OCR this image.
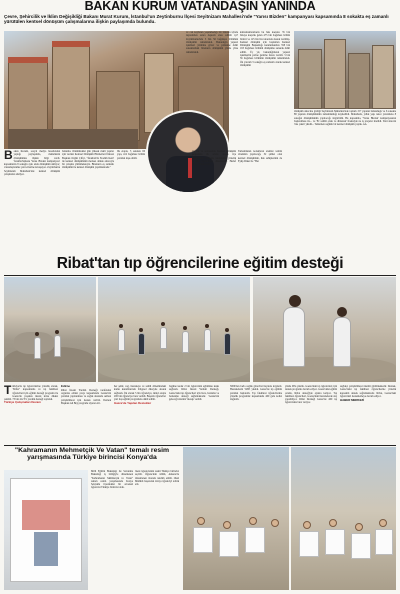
BAKAN KURUM VATANDAŞIN YANINDA
Çevre, Şehircilik ve İklim Değişikliği Bakanı Murat Kurum, İstanbul'un Zeytinburnu İlçesi Seyitnizam Mahallesi'nde "Yarısı Bizden" kampanyası kapsamında 8 sokakta eş zamanlı yürütülen kentsel dönüşüm çalışmalarına ilişkin paylaşımda bulundu.
ve can kaybının yaşanmadığı bir binanın içinde depremden sonra deprem olası adildir içi? Zeytinburnu'nda 5 bin 56 bağımsız bölümün dönüşümü tamamlandı. Bakanlığın yapısal işlemleri yürütme görev ve yetkisine dahil sokaklardaki binaların dönüşümü yüzde yüze tamamlandı.
kahramanlarımızın bu hak kazanır. 35 bin binaya karşılık gelen 475 bin bağımsız bölüm birinci ve 125 bin lira tutarında destek verilmiş. Kentsel dönüşüm için başlatılan Kentsel Dönüşüm Başkanlığı kurulumundan 358 bin 193 bağımsız bölümü dönüşüme sunarak dahil edildi. Üç yıl, bakanlığımızın yapısal işlemlerini yerine getirme fırsatı verildi. 5 bin 56 bağımsız bölümün dönüşümü tamamlandı. Ön yatırım 3 sokağın eş zamanlı olarak kentsel dönüşümü
dönüşüm sürecine girdiği Seyitnizam Mahallesi'nde toplam 157 yapının bulunduğu ve 6 sokakta 88 yapının dönüşümünün tamamlandığı kaydedildi. Mahallede, yıllık yapı rekor yatırımına 8 sokağın dönüşümünün yapılacağı öngörüldü. Bu kapsamda, 'Yarısı Bizden' kampanyasının başlatılması ile... ve 'Ev sahibi olanı ve dinlenen' ifadesiyle ne iş projeler üretildi. Yeni sürecin 'öne çıkan' yüzdü... Tamamen sağlıklı bir kentsel dönüşüm yaptık. AA
Bakan Kurum, sosyal medya hesabından yaptığı paylaşımda, mahallenin dönüşümüne ilişkin bilgi verdi. 'İstanbul'umuzu Yarısı Bizden kampanyası' kapsamında 8 sokağın aynı anda dönüşümü sürüyor; vatandaşlarımız yeni evlerine kavuşuyor. Zeytinburnu Seyitnizam Mahallesi'nde kentsel dönüşüm çalışmaları sürüyor.
bulundu. Önümüzdeki gün yüksek riskli yapılar için verilen Kentsel Dönüşüm Hizmetleri Dairesi Başkanı Orgün Çiftçi, "İstanbul'da 'Kadim Kent' ile kentsel dönüşümünü merkez almak amacıyla bir çalışma yürütmekteyiz. Binaların eş zamanlı dönüşümü ile kentsel dönüşüm yapılmaktadır."
İlk etapta, 3 sokakta 60 yapı, 412 bağımsız bölüm yeniden inşa edildi.
da, bu ve sonrasında Kentsel dönüşüm projesinin ilk adımı olarak ilçe yönetimine, mahalle sakinlerine yönelik tanıtım toplantıları düzenlendi. Hedef 2025 yılının sonu.
Tamamlanan konutların anahtar teslim töreninin yapılacağı, 32 şiddet olan kentsel dönüşümün, hak sahiplerinin de Eyüp Diker ile "Her
Ribat'tan tıp öğrencilerine eğitim desteği
Türkiye'de tıp öğrencilerine yönelik olarak, "Ribat" kapsamında ve tıp fakültesi öğrencileri için eğitim desteği programı ile Gazze'de yaşanan insani krize dikkat çekildi. 73 bin 412 TL yardım desteği toplandı.

Türkiye Çalışmaları Devam

Edirne

Ribat İnsani Yardım Derneği tarafından organize edilen proje kapsamında Gazze'nin yeniden yapılanması ve sağlık alanında uzman yetiştirilmesi için destek verildi. Dernek Başkanı Ali Bey programı ziyaret etti.

her şehir, sağ, hastaneye ve sahili dönemindeki kamu kurumlarında bölgesel düzeyde destek sağlandı. İlk olarak 5 bin öğrenciye, ikinci etapta 200 bin öğrenciye burs verildi. Başarılı öğrenciler yurt dışı eğitim programına dahil edildi.

Gazze'de Yapılan Destekler

bugüne kadar 2 bin öğrencinin eğitimine katkı sağlandı. Ribat İnsani Yardım Derneği, Gazze'deki tıp öğrencileri için burs, barınma ve beslenme desteği sağlamaktadır. 'Gazze'nin geleceği sizsiniz' mesajı verildi.
3000'den fazla sağlık görevlisi hayatını kaybetti. Hastanelerin %80'i yıkıldı. Gazze'de tıp eğitimi yeniden başlatıldı. Tıp fakültesi öğrencilerine yönelik programlar kapsamında 400 gıda kolisi dağıtıldı.
yüzde 99'u yıkıldı. Gazze'deki tıp öğrencileri için destek programı devam ediyor. Gazze'deki eğitim ortamı, Ribat desteğiyle ayakta kalıyor. Tıp fakültesi öğrencileri, Gazze'deki hastanelerde staj yapabiliyor. Ribat Derneği Gazze'de 400 tıp öğrencisine burs veriyor.

sağlıkçı yetiştirilmesi önemli görülmektedir. Dernek, Gazze'deki tıp fakültesi öğrencilerine yönelik kapsamlı destek sağlamaktadır. Ribat, Gazze'deki öğrencileri desteklemeye devam ediyor.

HABER MERKEZİ

"Kahramanın Mehmetçik Ve Vatan" temalı resim yarışmasında Türkiye birincisi Konya'da
Milli Eğitim Bakanlığı ile Savunma Bakanlığı iş birliğiyle düzenlenen "Kahramanın Mehmetçik ve Vatan" temalı resim yarışmasında Konya Selçuklu ilçesindeki bir ortaokul öğrencisi Türkiye birincisi oldu.
lisesi öğrencisinin resmi Türkiye birincisi seçildi. Öğrencinin ödülü, Ankara'da düzenlenen törende takdim edildi. Okul Müdürü başarıdan dolayı öğrenciyi tebrik etti.
